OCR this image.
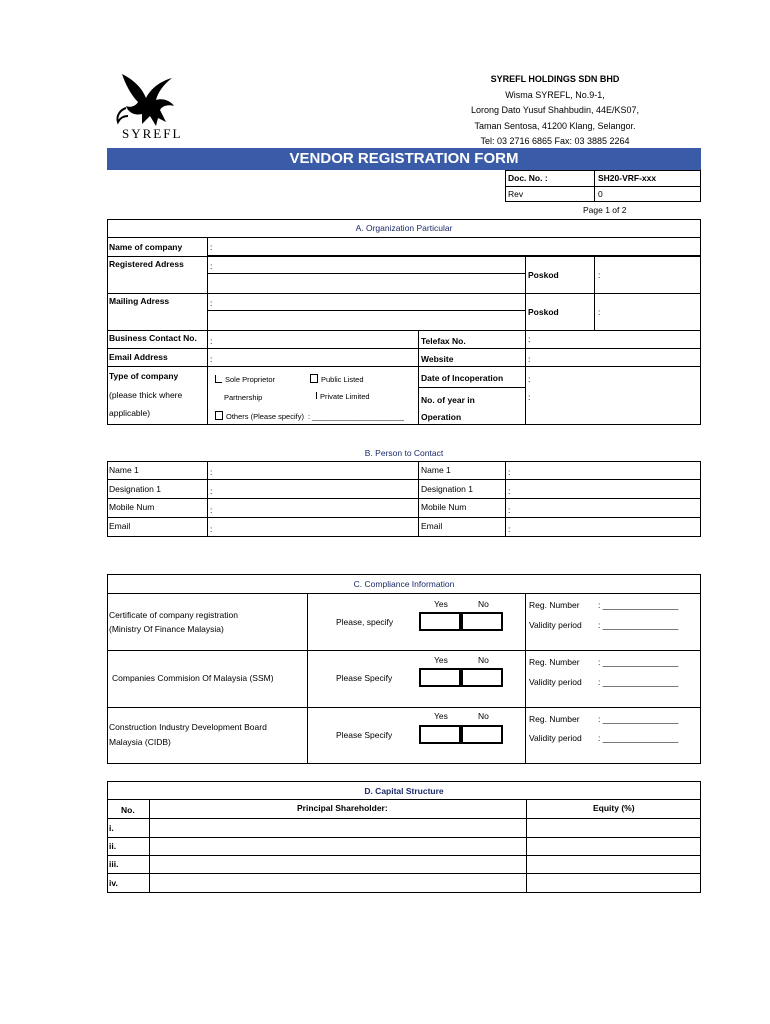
SYREFL
SYREFL HOLDINGS SDN BHD
Wisma SYREFL, No.9-1,
Lorong Dato Yusuf Shahbudin, 44E/KS07,
Taman Sentosa, 41200 Klang, Selangor.
Tel: 03 2716 6865 Fax: 03 3885 2264
VENDOR REGISTRATION FORM
Doc. No. :	SH20-VRF-xxx
Rev	0
Page 1 of 2
A. Organization Particular
Name of company	:
Registered Adress	:
Poskod	:
Mailing Adress	:
Poskod	:
Business Contact No. :	Telefax No.	:
Email Address	:	Website	:
Type of company
(please thick where
applicable)
Sole Proprietor	Public Listed
Partnership	Private Limited
Others (Please specify) : ______________________
Date of Incoperation	:
No. of year in
Operation
:
B. Person to Contact
Name 1	:	Name 1	:
Designation 1	:	Designation 1	:
Mobile Num	:	Mobile Num	:
Email	:	Email	:
C. Compliance Information
Certificate of company registration
(Ministry Of Finance Malaysia)
Please, specify
Yes	No	Reg. Number : ________________
Validity period : ________________
Companies Commision Of Malaysia (SSM)	Please Specify
Yes	No	Reg. Number : ________________
Validity period : ________________
Construction Industry Development Board
Malaysia (CIDB)
Please Specify
Yes	No	Reg. Number : ________________
Validity period : ________________
D. Capital Structure
No.	Principal Shareholder:	Equity (%)
i.
ii.
iii.
iv.
